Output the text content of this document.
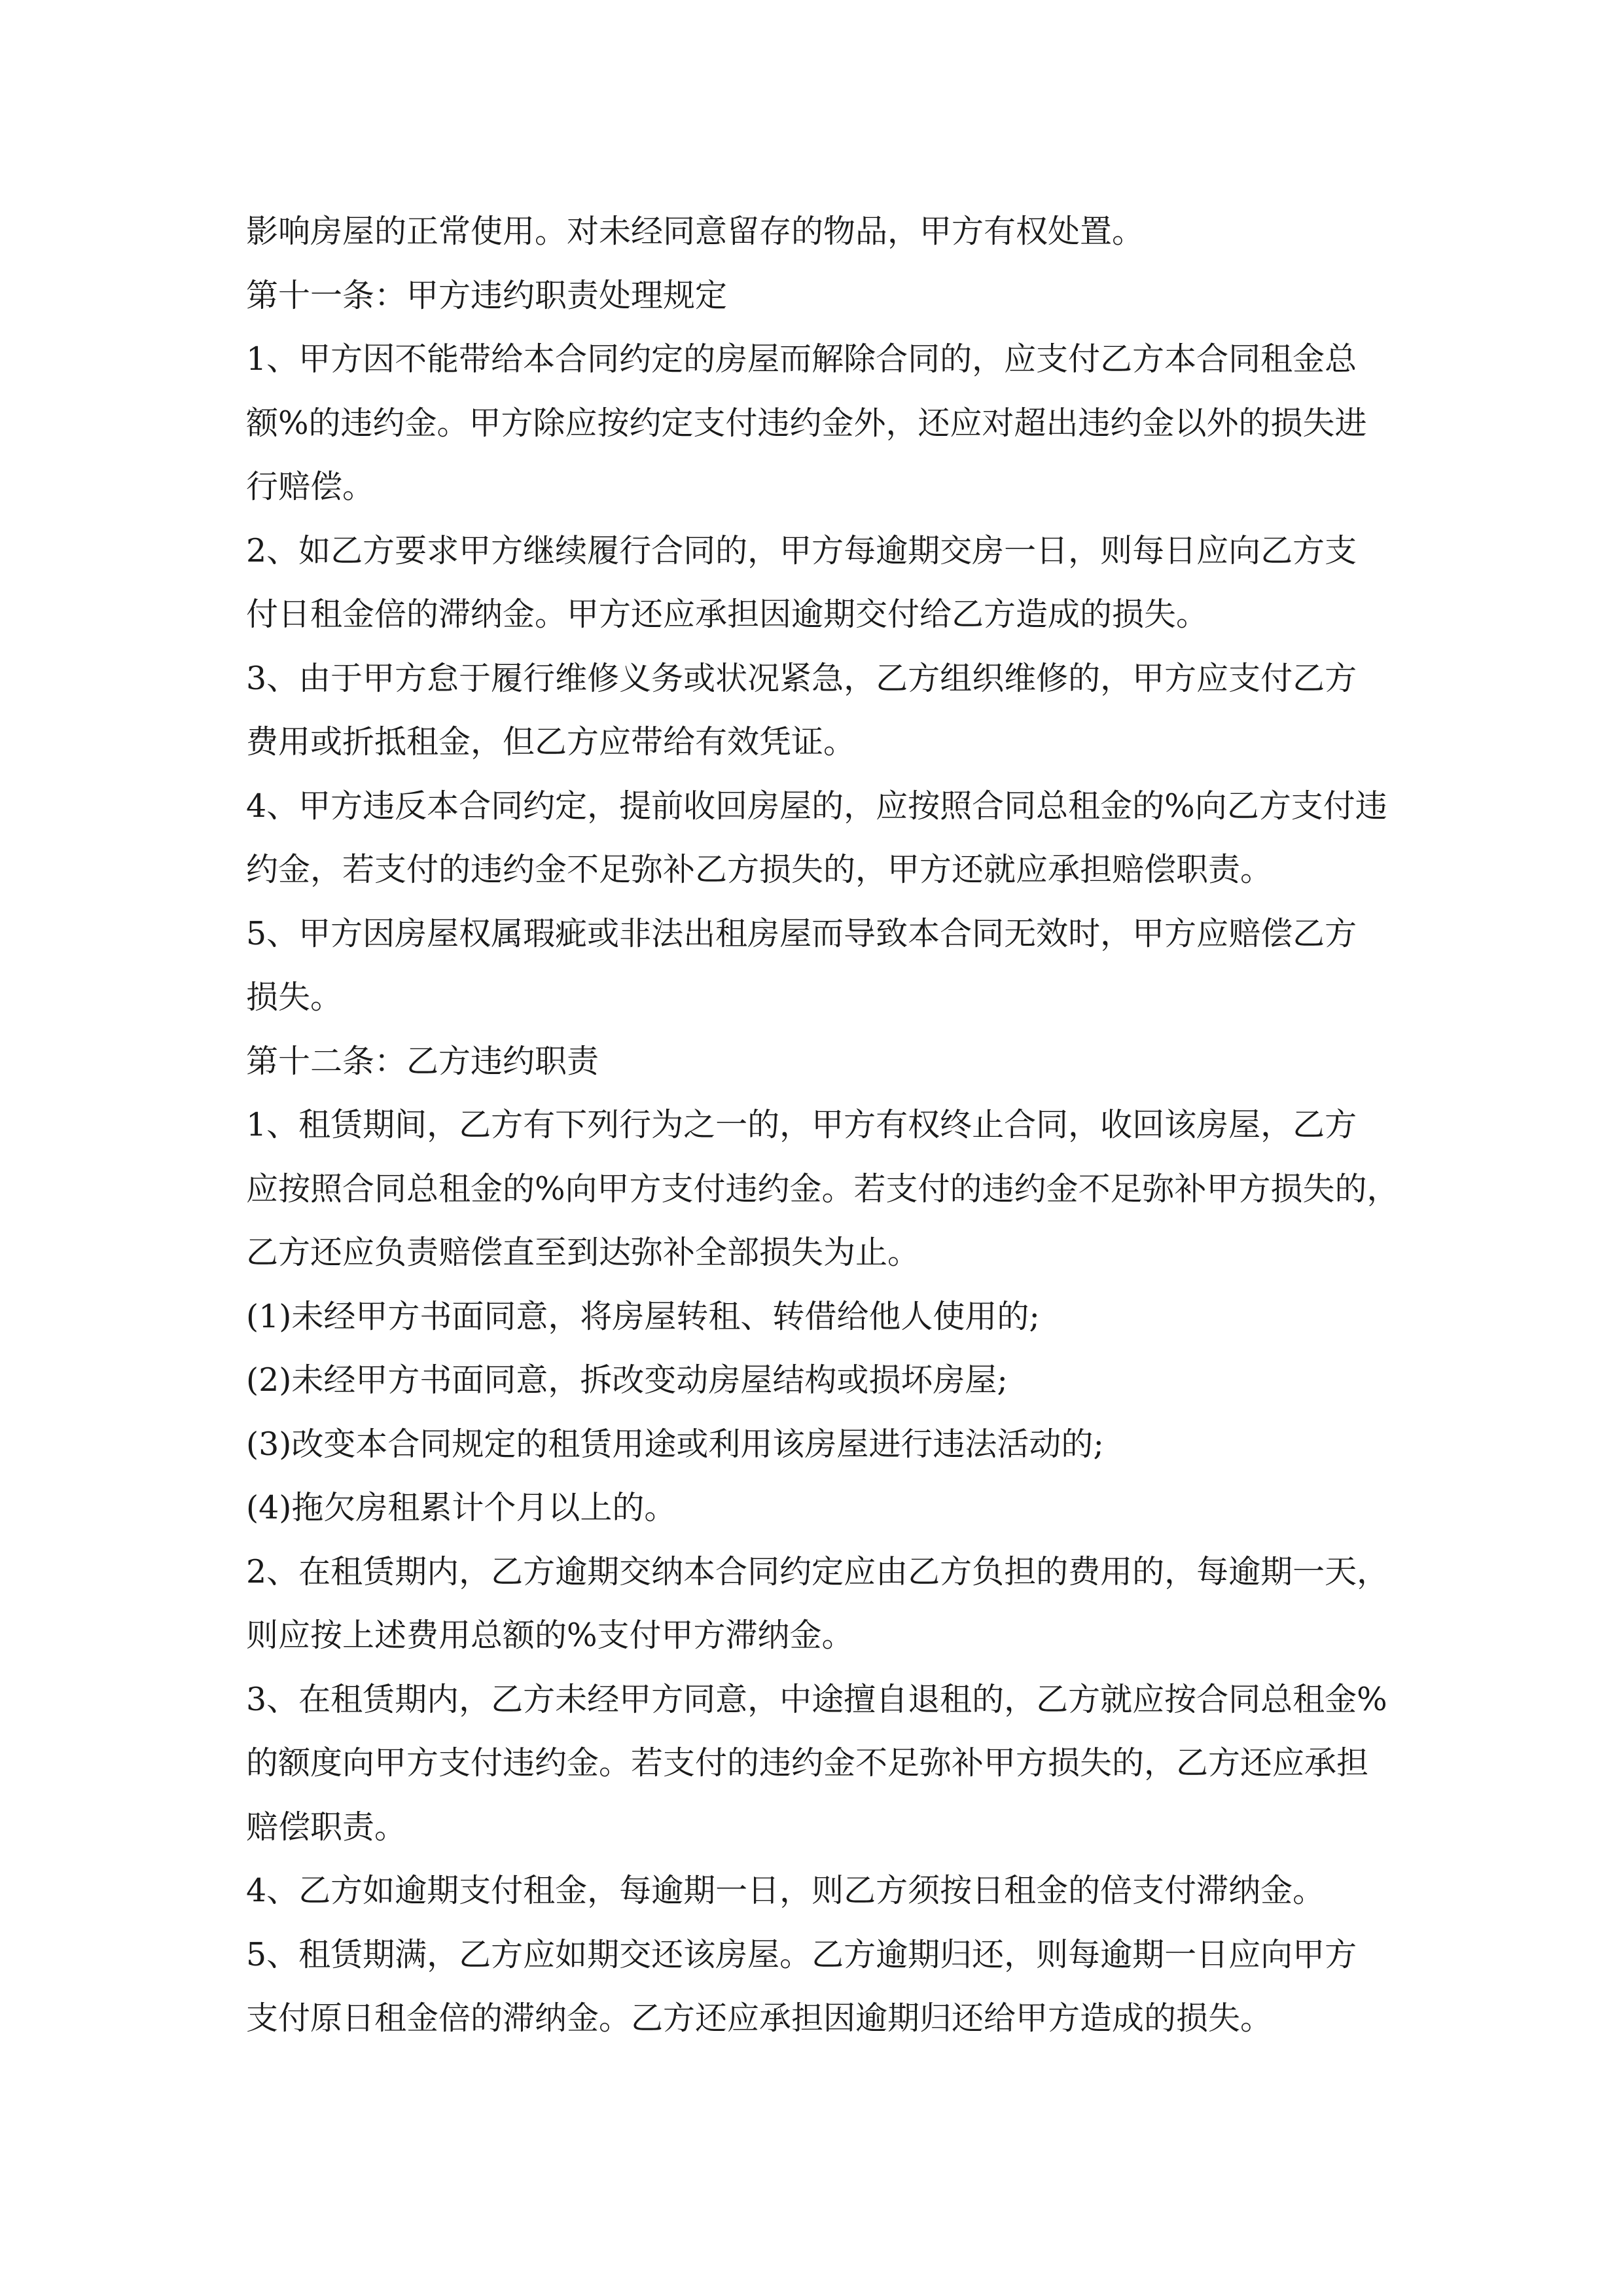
影响房屋的正常使用。对未经同意留存的物品，甲方有权处置。
第十一条：甲方违约职责处理规定
1、甲方因不能带给本合同约定的房屋而解除合同的，应支付乙方本合同租金总
额%的违约金。甲方除应按约定支付违约金外，还应对超出违约金以外的损失进
行赔偿。
2、如乙方要求甲方继续履行合同的，甲方每逾期交房一日，则每日应向乙方支
付日租金倍的滞纳金。甲方还应承担因逾期交付给乙方造成的损失。
3、由于甲方怠于履行维修义务或状况紧急，乙方组织维修的，甲方应支付乙方
费用或折抵租金，但乙方应带给有效凭证。
4、甲方违反本合同约定，提前收回房屋的，应按照合同总租金的%向乙方支付违
约金，若支付的违约金不足弥补乙方损失的，甲方还就应承担赔偿职责。
5、甲方因房屋权属瑕疵或非法出租房屋而导致本合同无效时，甲方应赔偿乙方
损失。
第十二条：乙方违约职责
1、租赁期间，乙方有下列行为之一的，甲方有权终止合同，收回该房屋，乙方
应按照合同总租金的%向甲方支付违约金。若支付的违约金不足弥补甲方损失的，
乙方还应负责赔偿直至到达弥补全部损失为止。
(1)未经甲方书面同意，将房屋转租、转借给他人使用的;
(2)未经甲方书面同意，拆改变动房屋结构或损坏房屋;
(3)改变本合同规定的租赁用途或利用该房屋进行违法活动的;
(4)拖欠房租累计个月以上的。
2、在租赁期内，乙方逾期交纳本合同约定应由乙方负担的费用的，每逾期一天，
则应按上述费用总额的%支付甲方滞纳金。
3、在租赁期内，乙方未经甲方同意，中途擅自退租的，乙方就应按合同总租金%
的额度向甲方支付违约金。若支付的违约金不足弥补甲方损失的，乙方还应承担
赔偿职责。
4、乙方如逾期支付租金，每逾期一日，则乙方须按日租金的倍支付滞纳金。
5、租赁期满，乙方应如期交还该房屋。乙方逾期归还，则每逾期一日应向甲方
支付原日租金倍的滞纳金。乙方还应承担因逾期归还给甲方造成的损失。
